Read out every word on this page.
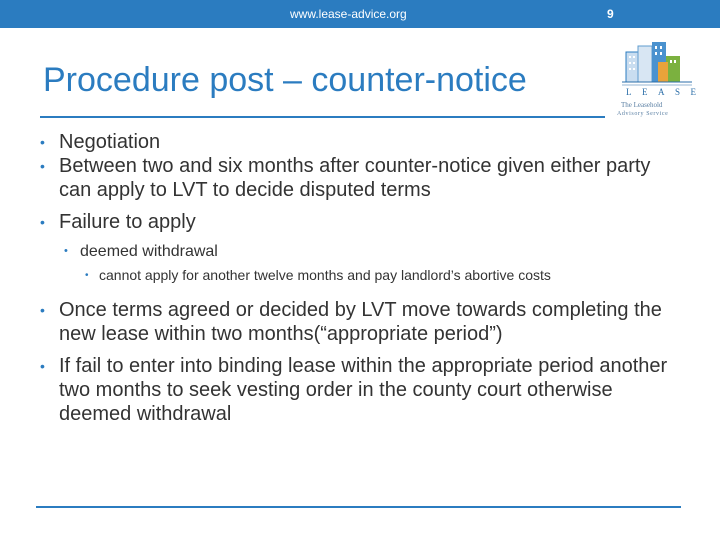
www.lease-advice.org	9
Procedure post – counter-notice	L E A S E
The Leasehold
Advisory Service
• Negotiation
• Between two and six months after counter-notice given either party can apply to LVT to decide disputed terms
• Failure to apply
• deemed withdrawal
• cannot apply for another twelve months and pay landlord’s abortive costs
• Once terms agreed or decided by LVT move towards completing the new lease within two months(“appropriate period”)
• If fail to enter into binding lease within the appropriate period another two months to seek vesting order in the county court otherwise deemed withdrawal
